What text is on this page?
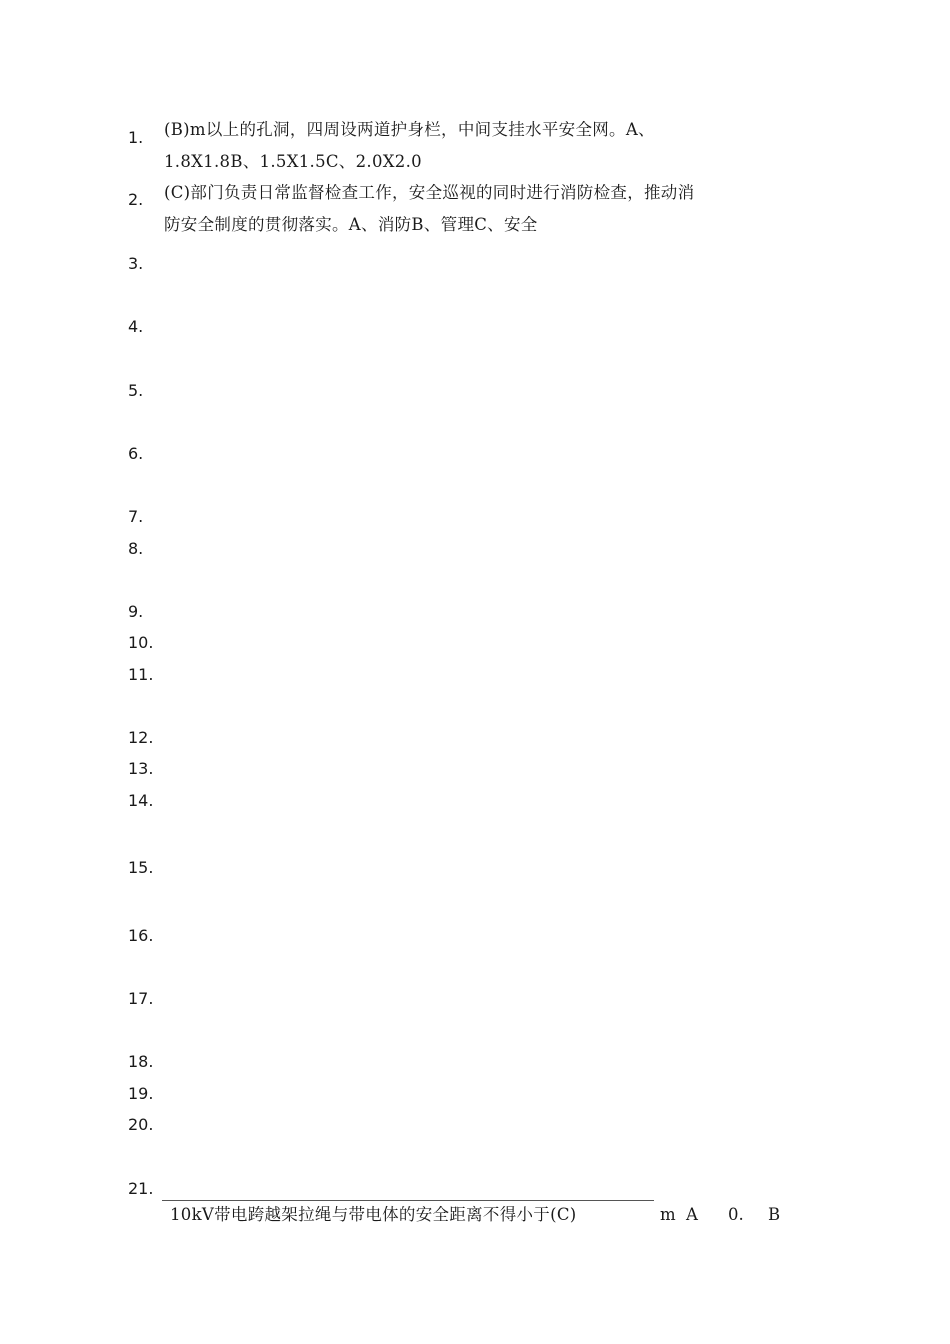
1. (B)m以上的孔洞，四周设两道护身栏，中间支挂水平安全网。A、
1.8X1.8B、1.5X1.5C、2.0X2.0
2. (C)部门负责日常监督检查工作，安全巡视的同时进行消防检查，推动消
防安全制度的贯彻落实。A、消防B、管理C、安全
3.
4.
5.
6.
7.
8.
9.
10.
11.
12.
13.
14.
15.
16.
17.
18.
19.
20.
21.
10kV带电跨越架拉绳与带电体的安全距离不得小于(C)	m A 0. B
